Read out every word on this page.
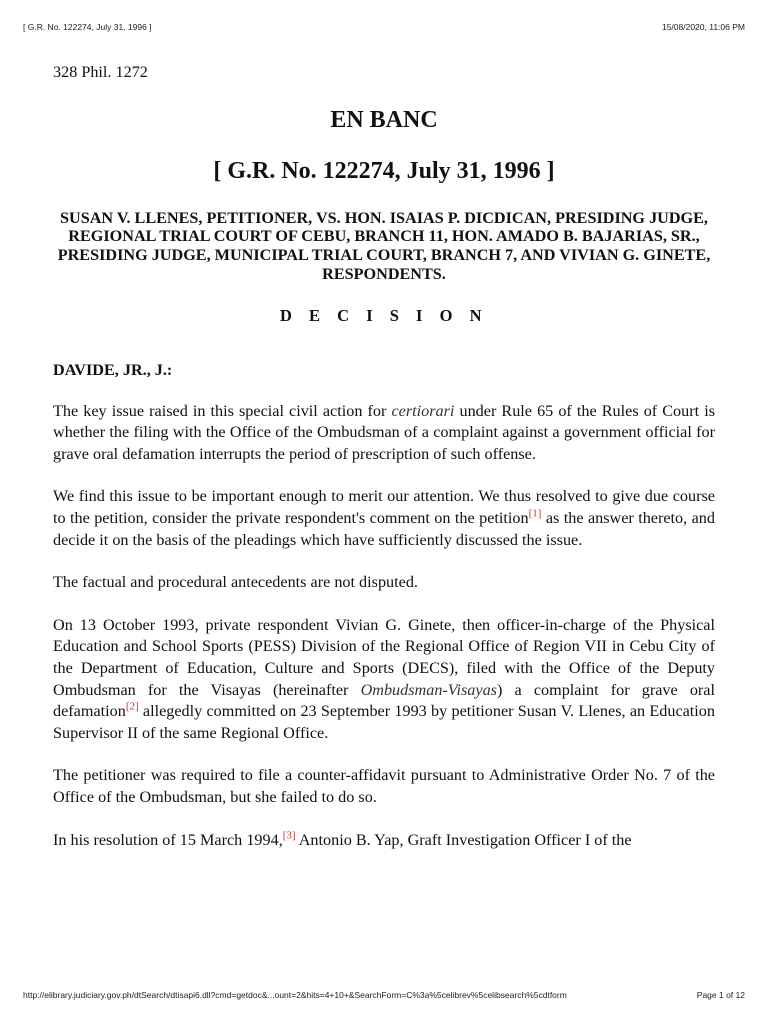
[ G.R. No. 122274, July 31, 1996 ]	15/08/2020, 11:06 PM
328 Phil. 1272
EN BANC
[ G.R. No. 122274, July 31, 1996 ]
SUSAN V. LLENES, PETITIONER, VS. HON. ISAIAS P. DICDICAN, PRESIDING JUDGE, REGIONAL TRIAL COURT OF CEBU, BRANCH 11, HON. AMADO B. BAJARIAS, SR., PRESIDING JUDGE, MUNICIPAL TRIAL COURT, BRANCH 7, AND VIVIAN G. GINETE, RESPONDENTS.
D E C I S I O N
DAVIDE, JR., J.:

The key issue raised in this special civil action for certiorari under Rule 65 of the Rules of Court is whether the filing with the Office of the Ombudsman of a complaint against a government official for grave oral defamation interrupts the period of prescription of such offense.

We find this issue to be important enough to merit our attention. We thus resolved to give due course to the petition, consider the private respondent's comment on the petition[1] as the answer thereto, and decide it on the basis of the pleadings which have sufficiently discussed the issue.

The factual and procedural antecedents are not disputed.

On 13 October 1993, private respondent Vivian G. Ginete, then officer-in-charge of the Physical Education and School Sports (PESS) Division of the Regional Office of Region VII in Cebu City of the Department of Education, Culture and Sports (DECS), filed with the Office of the Deputy Ombudsman for the Visayas (hereinafter Ombudsman-Visayas) a complaint for grave oral defamation[2] allegedly committed on 23 September 1993 by petitioner Susan V. Llenes, an Education Supervisor II of the same Regional Office.

The petitioner was required to file a counter-affidavit pursuant to Administrative Order No. 7 of the Office of the Ombudsman, but she failed to do so.

In his resolution of 15 March 1994,[3] Antonio B. Yap, Graft Investigation Officer I of the

http://elibrary.judiciary.gov.ph/dtSearch/dtisapi6.dll?cmd=getdoc&...ount=2&hits=4+10+&SearchForm=C%3a%5celibrev%5celibsearch%5cdtform	Page 1 of 12
